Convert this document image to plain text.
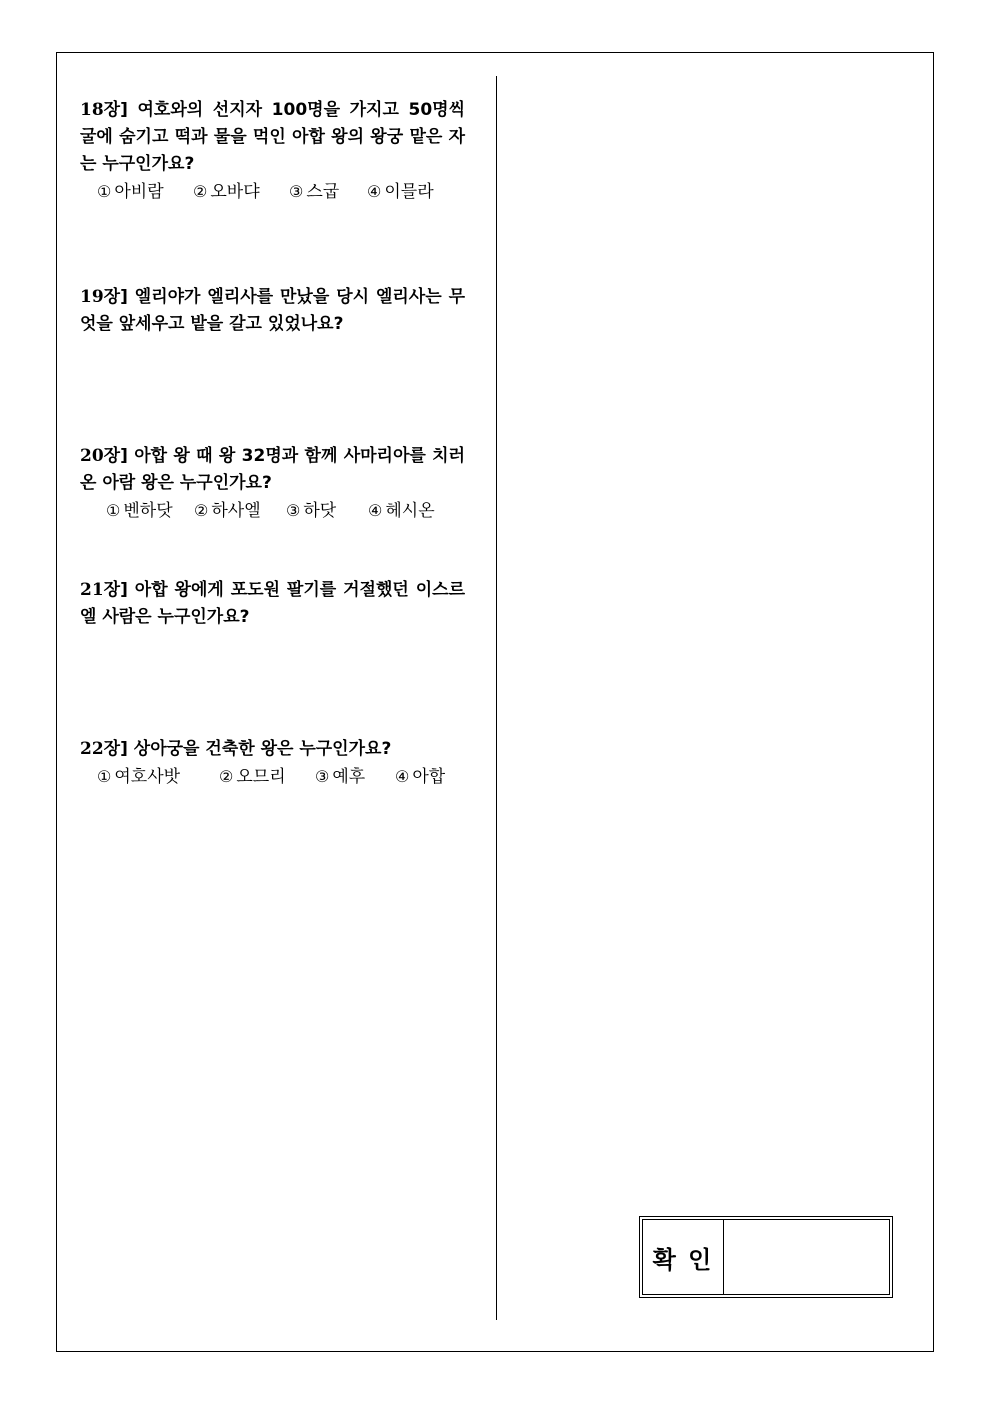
18장] 여호와의 선지자 100명을 가지고 50명씩 굴에 숨기고 떡과 물을 먹인 아합 왕의 왕궁 맡은 자는 누구인가요?

① 아비람	② 오바댜	③ 스굽	④ 이믈라

19장] 엘리야가 엘리사를 만났을 당시 엘리사는 무엇을 앞세우고 밭을 갈고 있었나요?

20장] 아합 왕 때 왕 32명과 함께 사마리아를 치러 온 아람 왕은 누구인가요?

① 벤하닷	② 하사엘	③ 하닷	④ 헤시온

21장] 아합 왕에게 포도원 팔기를 거절했던 이스르엘 사람은 누구인가요?

22장] 상아궁을 건축한 왕은 누구인가요?

① 여호사밧	② 오므리	③ 예후	④ 아합
확 인
